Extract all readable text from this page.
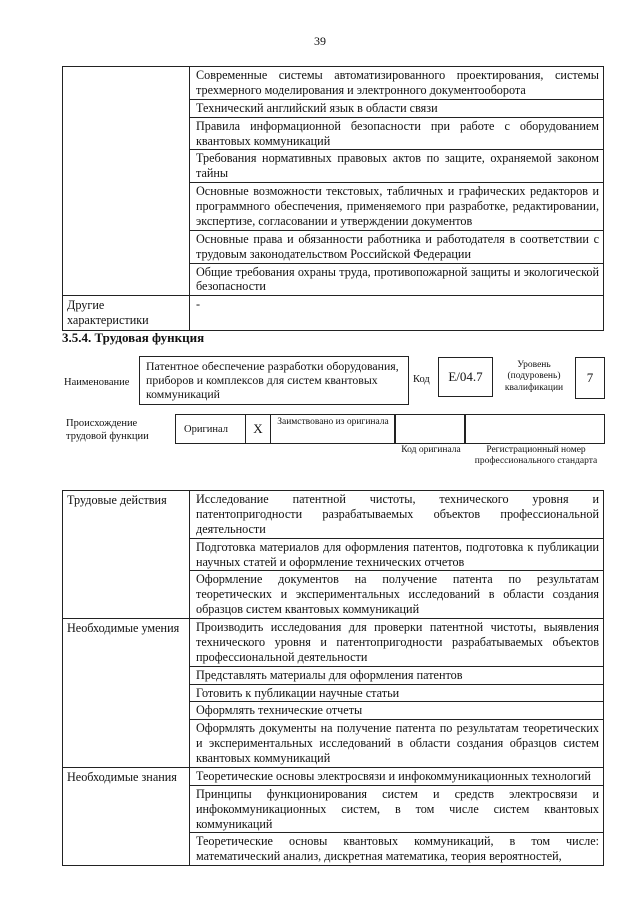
39
	Современные системы автоматизированного проектирования, системы трехмерного моделирования и электронного документооборота
	Технический английский язык в области связи
	Правила информационной безопасности при работе с оборудованием квантовых коммуникаций
	Требования нормативных правовых актов по защите, охраняемой законом тайны
	Основные возможности текстовых, табличных и графических редакторов и программного обеспечения, применяемого при разработке, редактировании, экспертизе, согласовании и утверждении документов
	Основные права и обязанности работника и работодателя в соответствии с трудовым законодательством Российской Федерации
	Общие требования охраны труда, противопожарной защиты и экологической безопасности
Другие характеристики	-
3.5.4. Трудовая функция
Наименование
Патентное обеспечение разработки оборудования, приборов и комплексов для систем квантовых коммуникаций
Код	E/04.7
Уровень (подуровень) квалификации
7
Происхождение трудовой функции
Оригинал	X	Заимствовано из оригинала
Код оригинала	Регистрационный номер профессионального стандарта
Трудовые действия	Исследование патентной чистоты, технического уровня и патентопригодности разрабатываемых объектов профессиональной деятельности
	Подготовка материалов для оформления патентов, подготовка к публикации научных статей и оформление технических отчетов
	Оформление документов на получение патента по результатам теоретических и экспериментальных исследований в области создания образцов систем квантовых коммуникаций
Необходимые умения	Производить исследования для проверки патентной чистоты, выявления технического уровня и патентопригодности разрабатываемых объектов профессиональной деятельности
	Представлять материалы для оформления патентов
	Готовить к публикации научные статьи
	Оформлять технические отчеты
	Оформлять документы на получение патента по результатам теоретических и экспериментальных исследований в области создания образцов систем квантовых коммуникаций
Необходимые знания	Теоретические основы электросвязи и инфокоммуникационных технологий
	Принципы функционирования систем и средств электросвязи и инфокоммуникационных систем, в том числе систем квантовых коммуникаций
	Теоретические основы квантовых коммуникаций, в том числе: математический анализ, дискретная математика, теория вероятностей,
